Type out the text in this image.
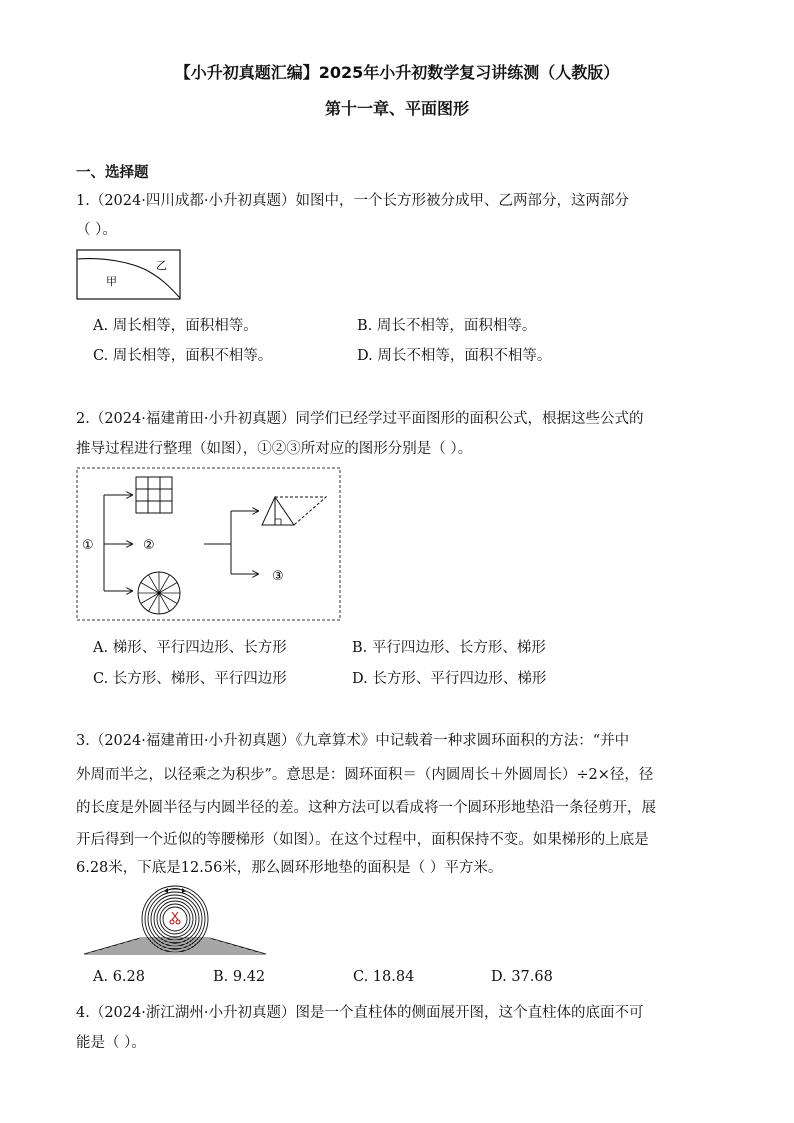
【小升初真题汇编】2025年小升初数学复习讲练测（人教版）
第十一章、平面图形
一、选择题
1.（2024·四川成都·小升初真题）如图中，一个长方形被分成甲、乙两部分，这两部分
（ ）。
甲
乙
A. 周长相等，面积相等。	B. 周长不相等，面积相等。
C. 周长相等，面积不相等。	D. 周长不相等，面积不相等。
2.（2024·福建莆田·小升初真题）同学们已经学过平面图形的面积公式，根据这些公式的
推导过程进行整理（如图），①②③所对应的图形分别是（ ）。
①	②
③
A. 梯形、平行四边形、长方形	B. 平行四边形、长方形、梯形
C. 长方形、梯形、平行四边形	D. 长方形、平行四边形、梯形
3.（2024·福建莆田·小升初真题）《九章算术》中记载着一种求圆环面积的方法：“并中
外周而半之，以径乘之为积步”。意思是：圆环面积＝（内圆周长＋外圆周长）÷2×径，径
的长度是外圆半径与内圆半径的差。这种方法可以看成将一个圆环形地垫沿一条径剪开，展
开后得到一个近似的等腰梯形（如图）。在这个过程中，面积保持不变。如果梯形的上底是
6.28米，下底是12.56米，那么圆环形地垫的面积是（ ）平方米。
A. 6.28	B. 9.42	C. 18.84	D. 37.68
4.（2024·浙江湖州·小升初真题）图是一个直柱体的侧面展开图，这个直柱体的底面不可
能是（ ）。
